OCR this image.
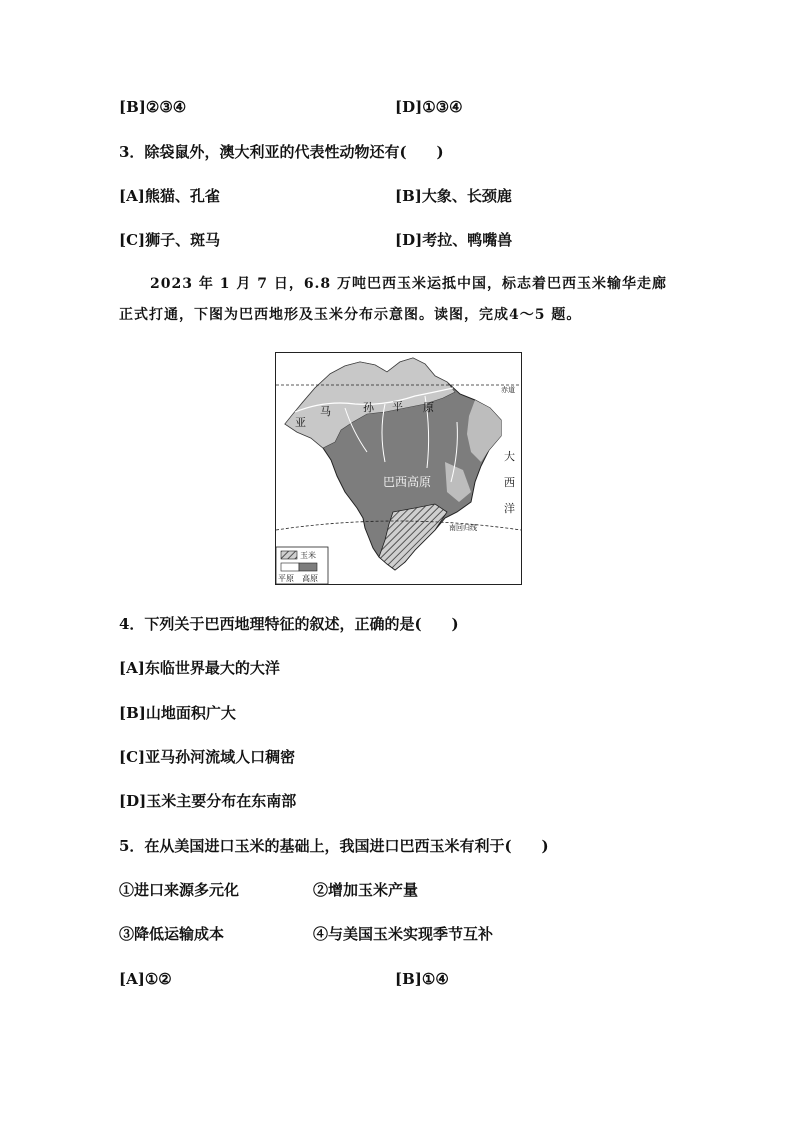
[B]②③④	[D]①③④
3．除袋鼠外，澳大利亚的代表性动物还有(　　)
[A]熊猫、孔雀	[B]大象、长颈鹿
[C]狮子、斑马	[D]考拉、鸭嘴兽
2023 年 1 月 7 日，6.8 万吨巴西玉米运抵中国，标志着巴西玉米输华走廊
正式打通，下图为巴西地形及玉米分布示意图。读图，完成4～5 题。
亚
马	孙 平 原
巴西高原
赤道
南回归线
大
西
洋
玉米
平原 高原
4．下列关于巴西地理特征的叙述，正确的是(　　)
[A]东临世界最大的大洋
[B]山地面积广大
[C]亚马孙河流域人口稠密
[D]玉米主要分布在东南部
5．在从美国进口玉米的基础上，我国进口巴西玉米有利于(　　)
①进口来源多元化	②增加玉米产量
③降低运输成本	④与美国玉米实现季节互补
[A]①②	[B]①④
